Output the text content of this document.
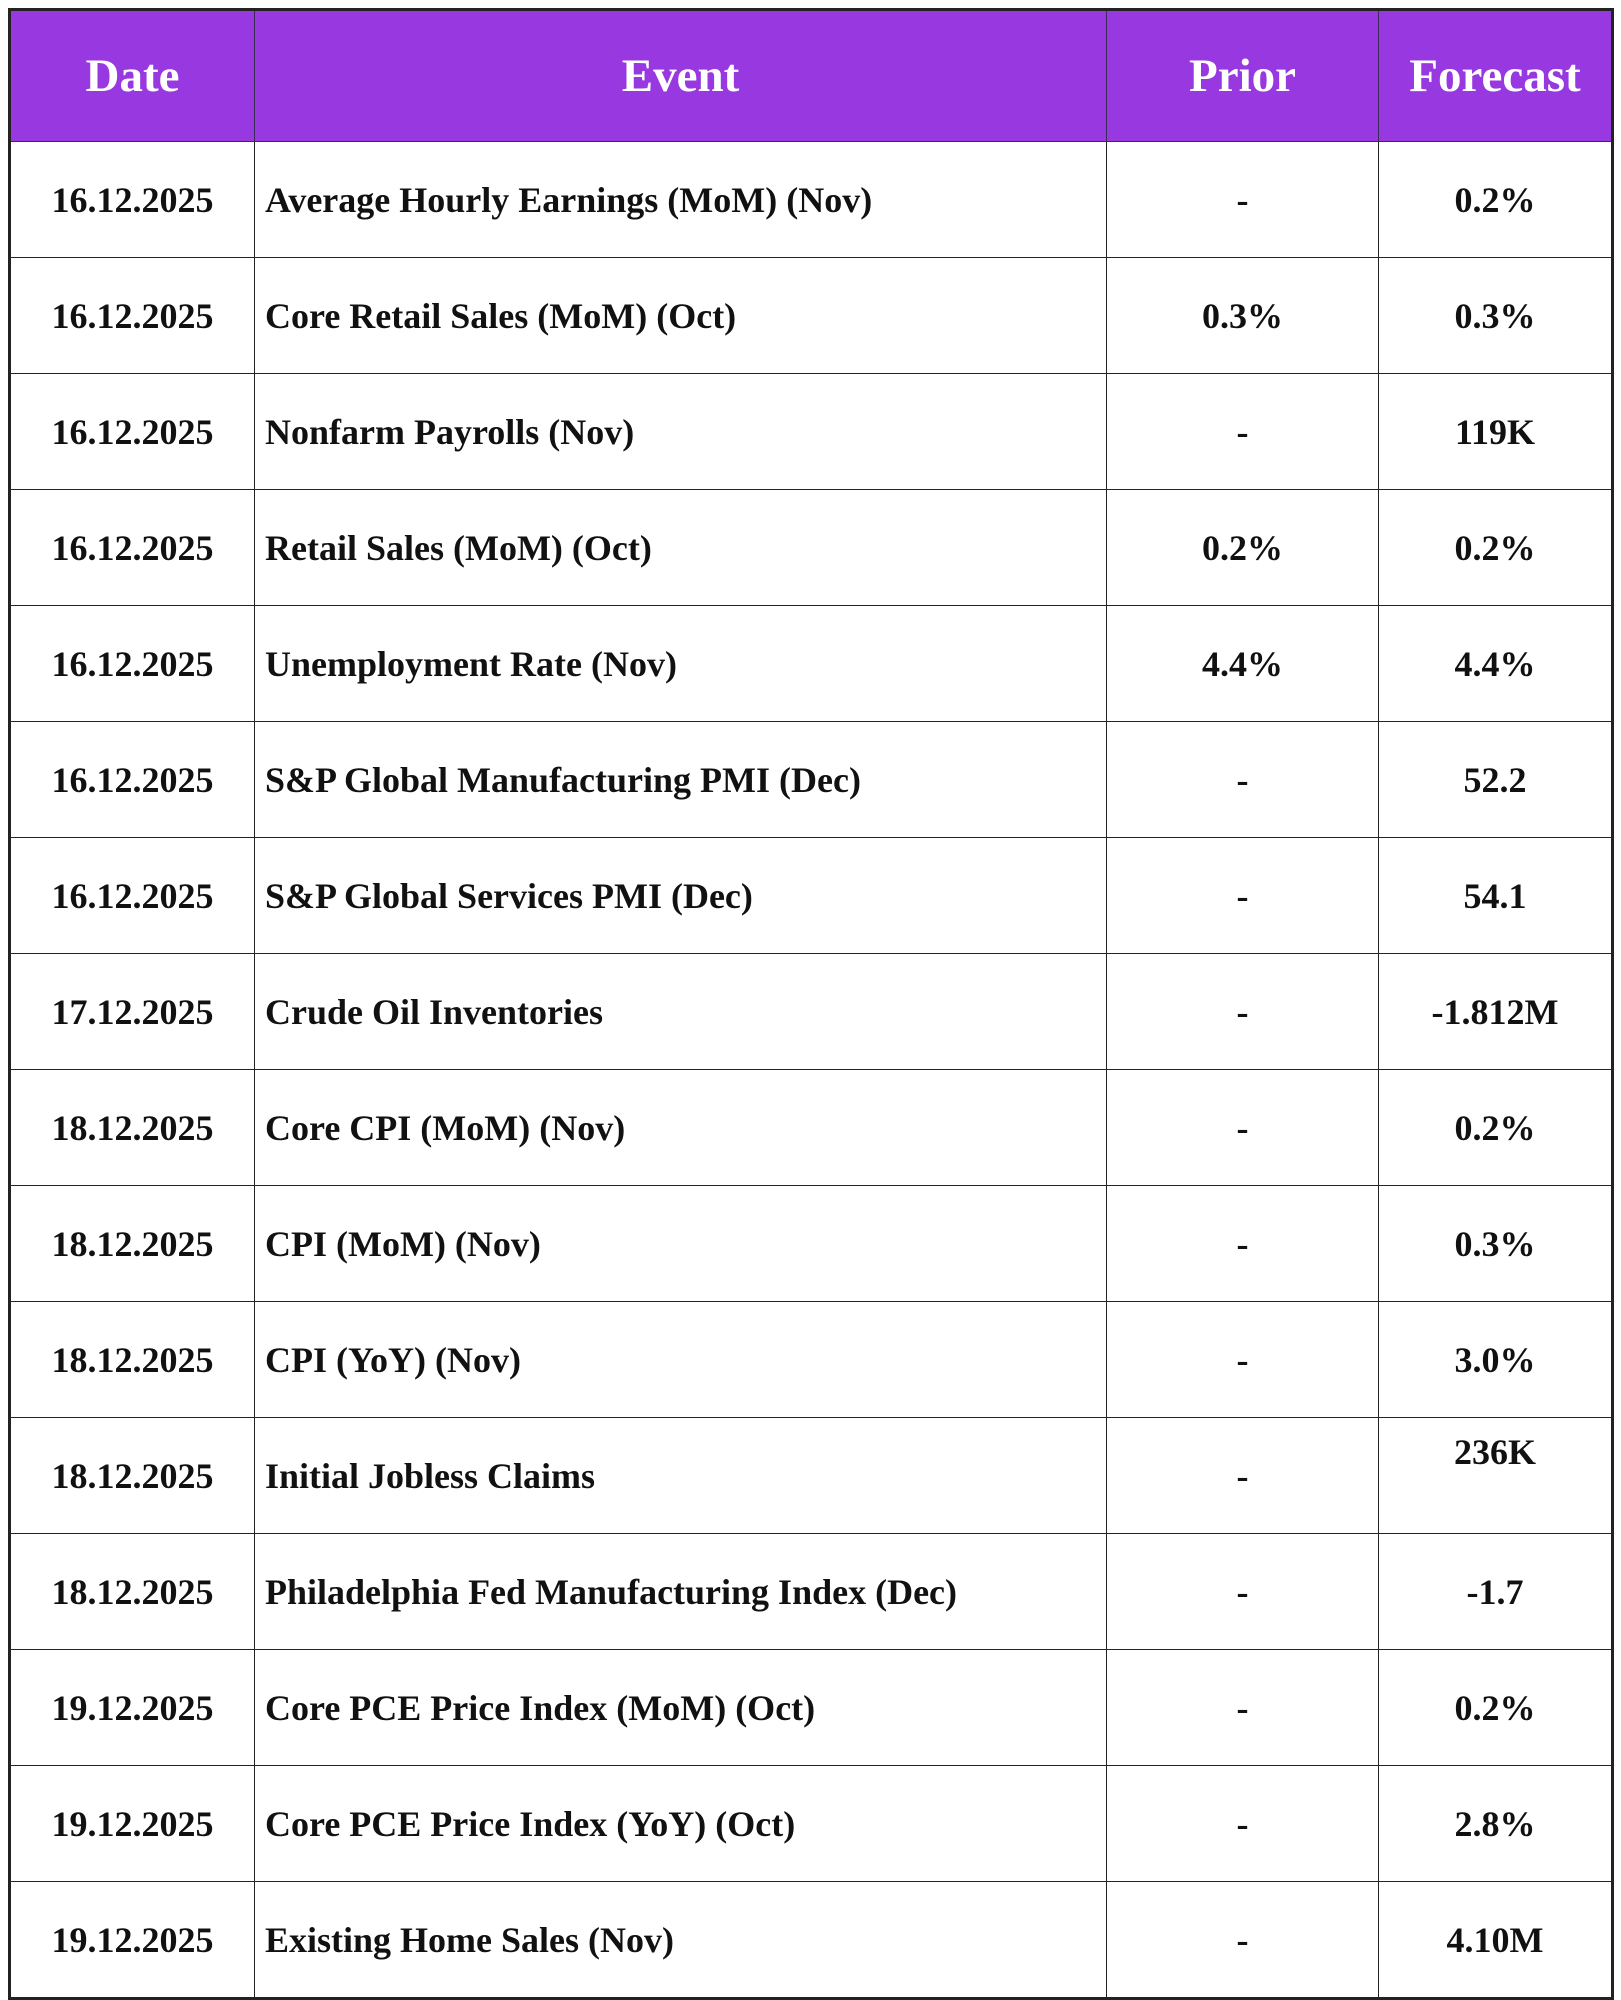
Date	Event	Prior	Forecast
16.12.2025	Average Hourly Earnings (MoM) (Nov)	-	0.2%
16.12.2025	Core Retail Sales (MoM) (Oct)	0.3%	0.3%
16.12.2025	Nonfarm Payrolls (Nov)	-	119K
16.12.2025	Retail Sales (MoM) (Oct)	0.2%	0.2%
16.12.2025	Unemployment Rate (Nov)	4.4%	4.4%
16.12.2025	S&P Global Manufacturing PMI (Dec)	-	52.2
16.12.2025	S&P Global Services PMI (Dec)	-	54.1
17.12.2025	Crude Oil Inventories	-	-1.812M
18.12.2025	Core CPI (MoM) (Nov)	-	0.2%
18.12.2025	CPI (MoM) (Nov)	-	0.3%
18.12.2025	CPI (YoY) (Nov)	-	3.0%
18.12.2025	Initial Jobless Claims	-	236K
18.12.2025	Philadelphia Fed Manufacturing Index (Dec)	-	-1.7
19.12.2025	Core PCE Price Index (MoM) (Oct)	-	0.2%
19.12.2025	Core PCE Price Index (YoY) (Oct)	-	2.8%
19.12.2025	Existing Home Sales (Nov)	-	4.10M
